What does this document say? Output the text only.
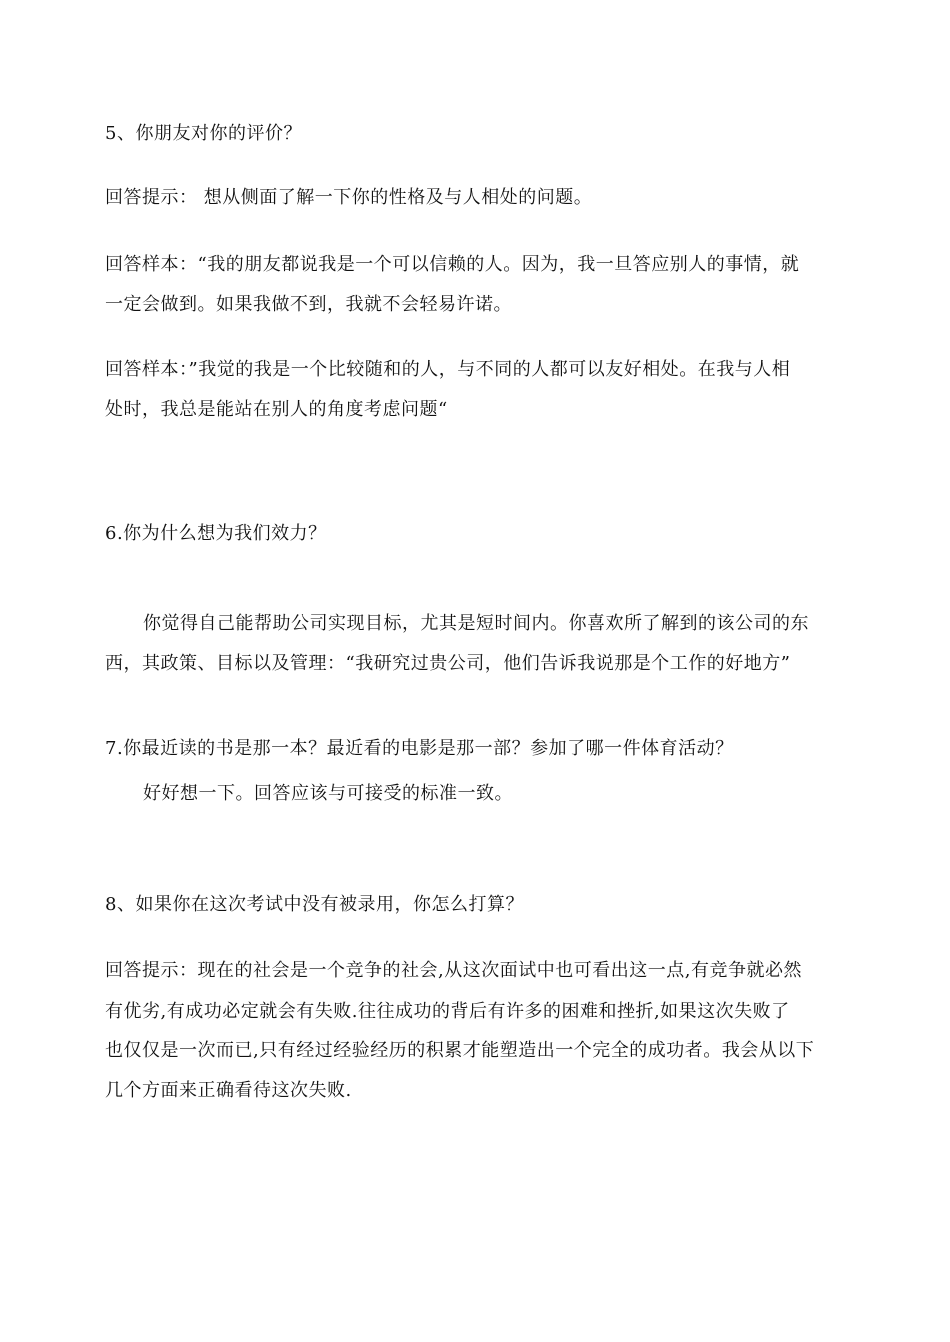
5、你朋友对你的评价？
回答提示： 想从侧面了解一下你的性格及与人相处的问题。
回答样本：“我的朋友都说我是一个可以信赖的人。因为，我一旦答应别人的事情，就
一定会做到。如果我做不到，我就不会轻易许诺。
回答样本：”我觉的我是一个比较随和的人，与不同的人都可以友好相处。在我与人相
处时，我总是能站在别人的角度考虑问题“
6.你为什么想为我们效力？
你觉得自己能帮助公司实现目标，尤其是短时间内。你喜欢所了解到的该公司的东
西，其政策、目标以及管理：“我研究过贵公司，他们告诉我说那是个工作的好地方”
7.你最近读的书是那一本？最近看的电影是那一部？参加了哪一件体育活动？
好好想一下。回答应该与可接受的标准一致。
8、如果你在这次考试中没有被录用，你怎么打算？
回答提示：现在的社会是一个竞争的社会,从这次面试中也可看出这一点,有竞争就必然
有优劣,有成功必定就会有失败.往往成功的背后有许多的困难和挫折,如果这次失败了
也仅仅是一次而已,只有经过经验经历的积累才能塑造出一个完全的成功者。我会从以下
几个方面来正确看待这次失败.
